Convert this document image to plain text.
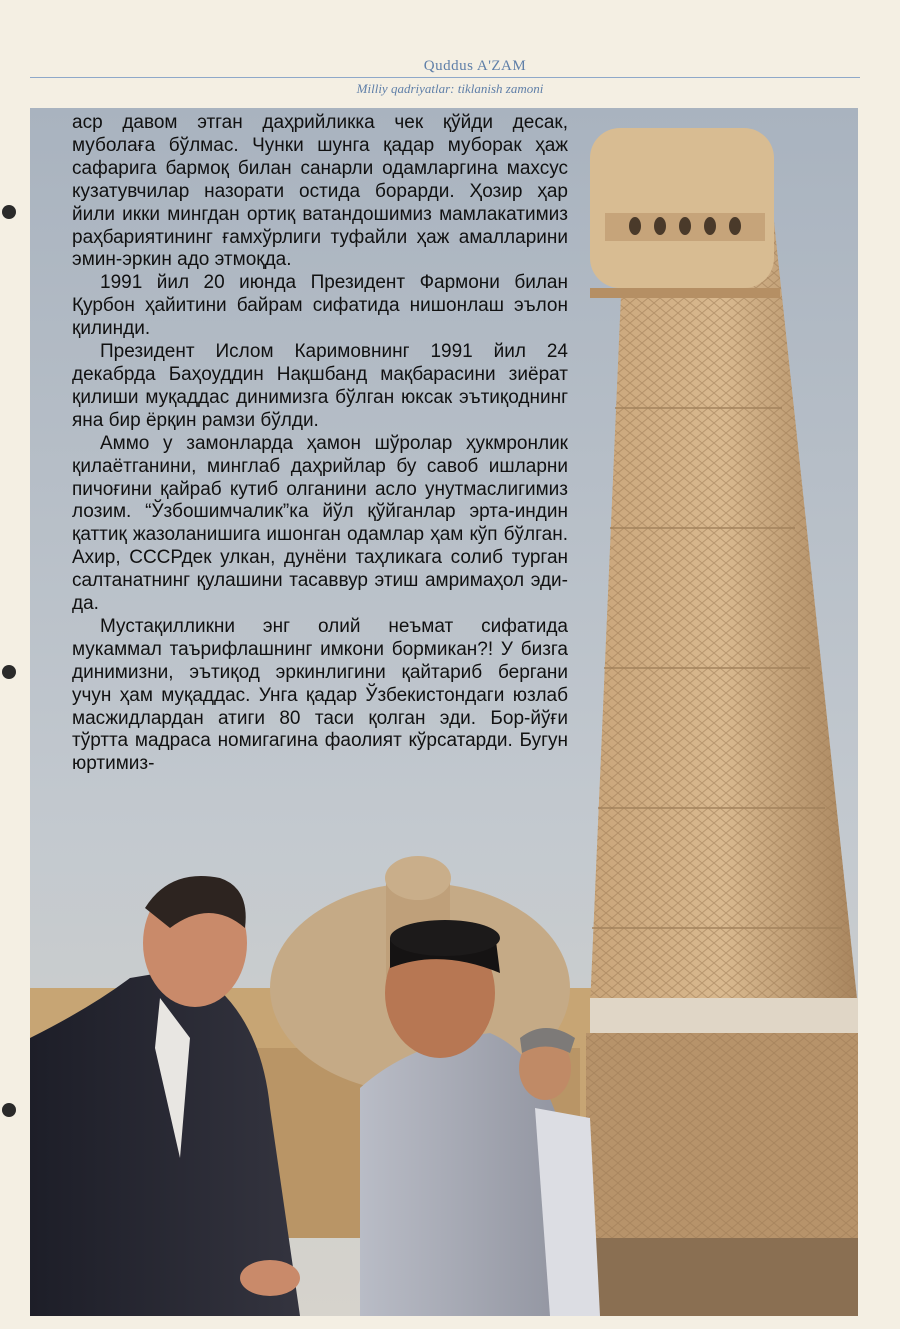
Quddus A'ZAM
Milliy qadriyatlar: tiklanish zamoni

аср давом этган даҳрийликка чек қўйди десак, муболаға бўлмас. Чунки шунга қадар муборак ҳаж сафарига бармоқ билан санарли одамларгина махсус кузатувчилар назорати остида борарди. Ҳозир ҳар йили икки мингдан ортиқ ватандошимиз мамлакатимиз раҳбариятининг ғамхўрлиги туфайли ҳаж амалларини эмин-эркин адо этмоқда.

1991 йил 20 июнда Президент Фармони билан Қурбон ҳайитини байрам сифатида нишонлаш эълон қилинди.

Президент Ислом Каримовнинг 1991 йил 24 декабрда Баҳоуддин Нақшбанд мақбарасини зиёрат қилиши муқаддас динимизга бўлган юксак эътиқоднинг яна бир ёрқин рамзи бўлди.

Аммо у замонларда ҳамон шўролар ҳукмронлик қилаётганини, минглаб даҳрийлар бу савоб ишларни пичоғини қайраб кутиб олганини асло унутмаслигимиз лозим. “Ўзбошимчалик”ка йўл қўйганлар эрта-индин қаттиқ жазоланишига ишонган одамлар ҳам кўп бўлган. Ахир, СССРдек улкан, дунёни таҳликага солиб турган салтанатнинг қулашини тасаввур этиш амримаҳол эди-да.

Мустақилликни энг олий неъмат сифатида мукаммал таърифлашнинг имкони бормикан?! У бизга динимизни, эътиқод эркинлигини қайтариб бергани учун ҳам муқаддас. Унга қадар Ўзбекистондаги юзлаб масжидлардан атиги 80 таси қолган эди. Бор-йўғи тўртта мадраса номигагина фаолият кўрсатарди. Бугун юртимиз-
